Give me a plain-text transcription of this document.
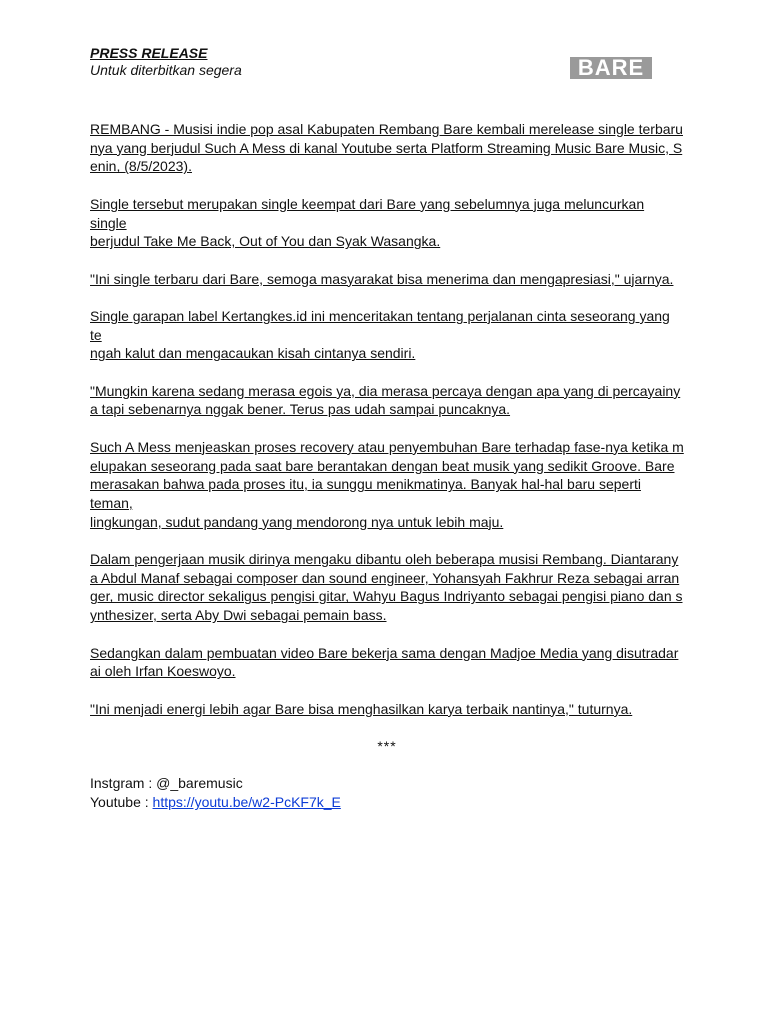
PRESS RELEASE
Untuk diterbitkan segera	BARE

REMBANG - Musisi indie pop asal Kabupaten Rembang Bare kembali merelease single terbaru
nya yang berjudul Such A Mess di kanal Youtube serta Platform Streaming Music Bare Music, S
enin, (8/5/2023).

Single tersebut merupakan single keempat dari Bare yang sebelumnya juga meluncurkan single
berjudul Take Me Back, Out of You dan Syak Wasangka.

"Ini single terbaru dari Bare, semoga masyarakat bisa menerima dan mengapresiasi," ujarnya.

Single garapan label Kertangkes.id ini menceritakan tentang perjalanan cinta seseorang yang te
ngah kalut dan mengacaukan kisah cintanya sendiri.

"Mungkin karena sedang merasa egois ya, dia merasa percaya dengan apa yang di percayainy
a tapi sebenarnya nggak bener. Terus pas udah sampai puncaknya.

Such A Mess menjeaskan proses recovery atau penyembuhan Bare terhadap fase-nya ketika m
elupakan seseorang pada saat bare berantakan dengan beat musik yang sedikit Groove. Bare
merasakan bahwa pada proses itu, ia sunggu menikmatinya. Banyak hal-hal baru seperti teman,
lingkungan, sudut pandang yang mendorong nya untuk lebih maju.

Dalam pengerjaan musik dirinya mengaku dibantu oleh beberapa musisi Rembang. Diantarany
a Abdul Manaf sebagai composer dan sound engineer, Yohansyah Fakhrur Reza sebagai arran
ger, music director sekaligus pengisi gitar, Wahyu Bagus Indriyanto sebagai pengisi piano dan s
ynthesizer, serta Aby Dwi sebagai pemain bass.

Sedangkan dalam pembuatan video Bare bekerja sama dengan Madjoe Media yang disutradar
ai oleh Irfan Koeswoyo.

"Ini menjadi energi lebih agar Bare bisa menghasilkan karya terbaik nantinya," tuturnya.

***

Instgram : @_baremusic

Youtube : https://youtu.be/w2-PcKF7k_E
